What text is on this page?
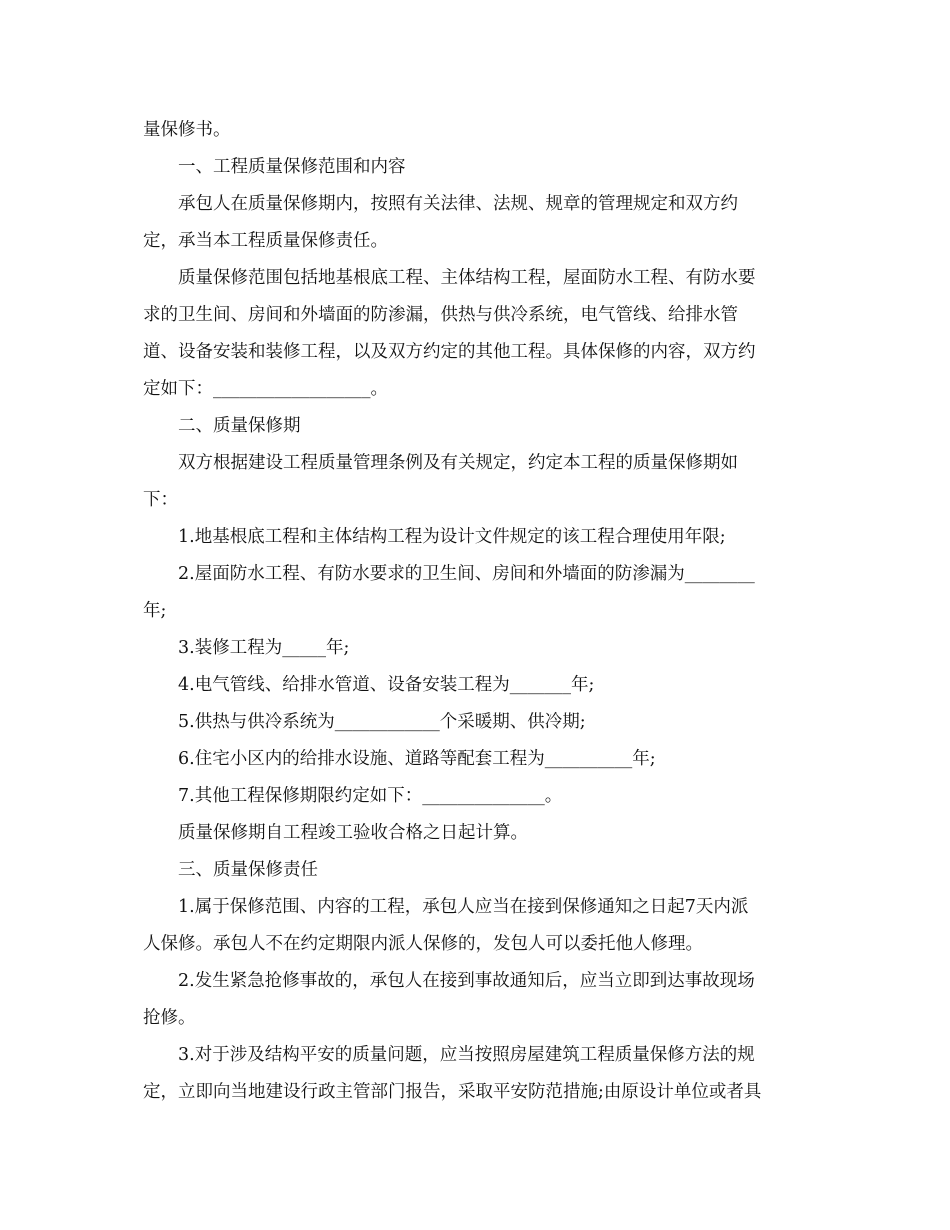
量保修书。
一、工程质量保修范围和内容
承包人在质量保修期内，按照有关法律、法规、规章的管理规定和双方约
定，承当本工程质量保修责任。
质量保修范围包括地基根底工程、主体结构工程，屋面防水工程、有防水要
求的卫生间、房间和外墙面的防渗漏，供热与供冷系统，电气管线、给排水管
道、设备安装和装修工程，以及双方约定的其他工程。具体保修的内容，双方约
定如下：__________________。
二、质量保修期
双方根据建设工程质量管理条例及有关规定，约定本工程的质量保修期如
下：
1.地基根底工程和主体结构工程为设计文件规定的该工程合理使用年限;
2.屋面防水工程、有防水要求的卫生间、房间和外墙面的防渗漏为________
年;
3.装修工程为_____年;
4.电气管线、给排水管道、设备安装工程为_______年;
5.供热与供冷系统为____________个采暖期、供冷期;
6.住宅小区内的给排水设施、道路等配套工程为__________年;
7.其他工程保修期限约定如下：______________。
质量保修期自工程竣工验收合格之日起计算。
三、质量保修责任
1.属于保修范围、内容的工程，承包人应当在接到保修通知之日起7天内派
人保修。承包人不在约定期限内派人保修的，发包人可以委托他人修理。
2.发生紧急抢修事故的，承包人在接到事故通知后，应当立即到达事故现场
抢修。
3.对于涉及结构平安的质量问题，应当按照房屋建筑工程质量保修方法的规
定，立即向当地建设行政主管部门报告，采取平安防范措施;由原设计单位或者具
